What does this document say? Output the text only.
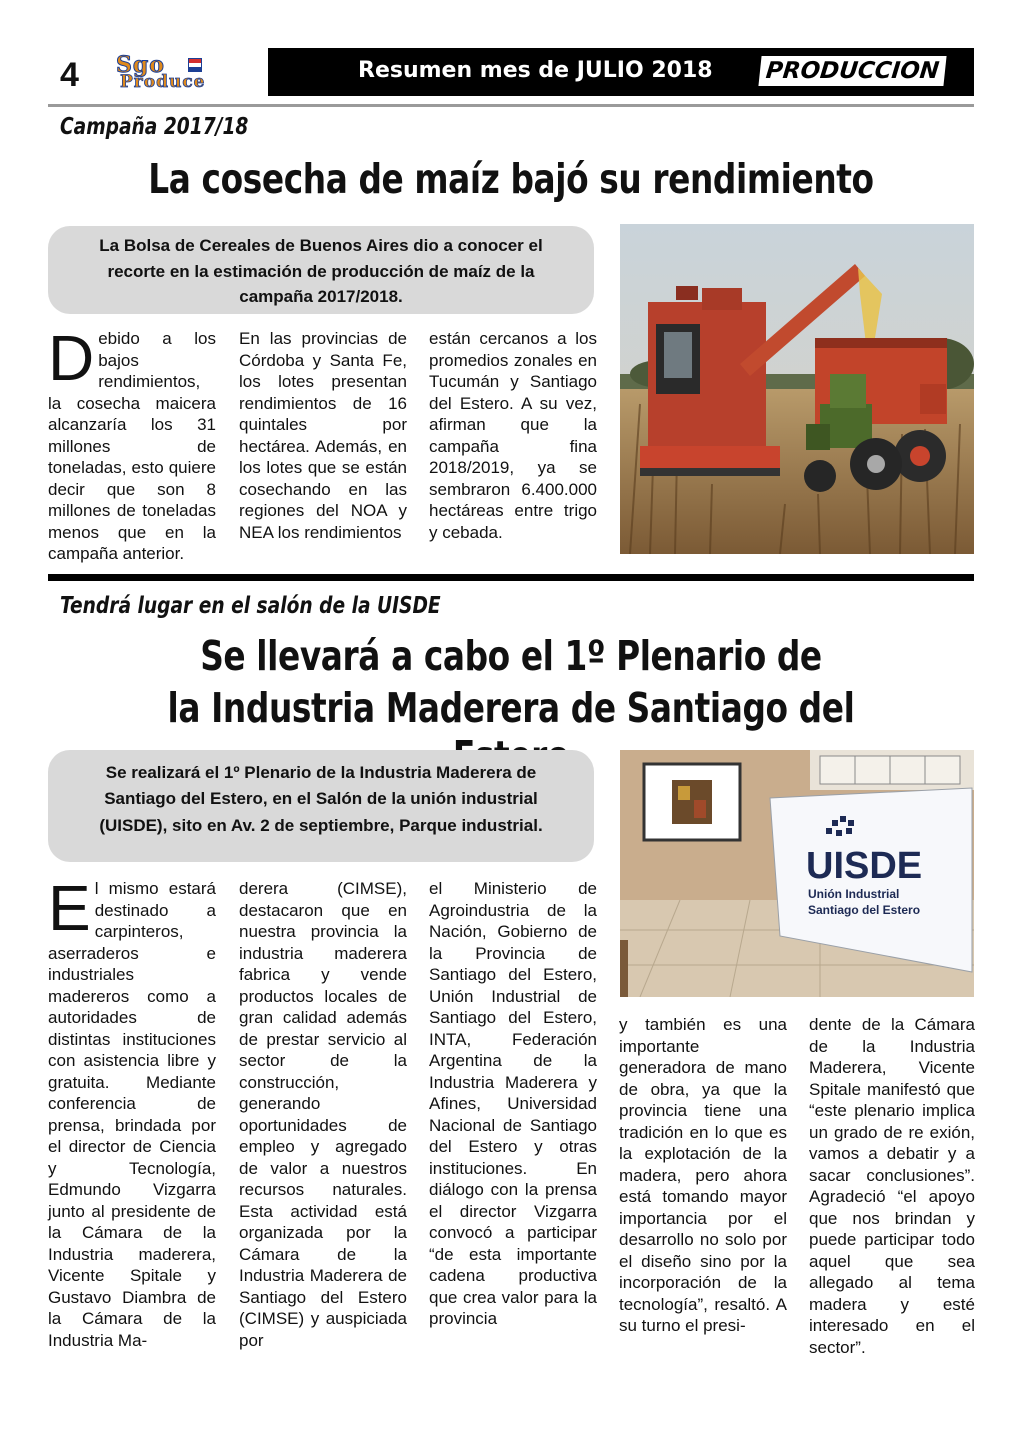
4 Sgo
Produce	Resumen mes de JULIO 2018 PRODUCCION
Campaña 2017/18
La cosecha de maíz bajó su rendimiento
La Bolsa de Cereales de Buenos Aires dio a conocer el recorte en la estimación de producción de maíz de la campaña 2017/2018.
Debido a los bajos rendimientos, la cosecha maicera alcanzaría los 31 millones de toneladas, esto quiere decir que son 8 millones de toneladas menos que en la campaña anterior.
En las provincias de Córdoba y Santa Fe, los lotes presentan rendimientos de 16 quintales por hectárea. Además, en los lotes que se están cosechando en las regiones del NOA y NEA los rendimientos
están cercanos a los promedios zonales en Tucumán y Santiago del Estero. A su vez, afirman que la campaña fina 2018/2019, ya se sembraron 6.400.000 hectáreas entre trigo y cebada.
Tendrá lugar en el salón de la UISDE
Se llevará a cabo el 1º Plenario de
la Industria Maderera de Santiago del
Se realizará el 1º Plenario de la Industria Maderera de Santiago del Estero, en el Salón de la unión industrial (UISDE), sito en Av. 2 de septiembre, Parque industrial.
El mismo estará destinado a carpinteros, aserraderos e industriales madereros como a autoridades de distintas instituciones con asistencia libre y gratuita. Mediante conferencia de prensa, brindada por el director de Ciencia y Tecnología, Edmundo Vizgarra junto al presidente de la Cámara de la Industria maderera, Vicente Spitale y Gustavo Diambra de la Cámara de la Industria Ma-
derera (CIMSE), destacaron que en nuestra provincia la industria maderera fabrica y vende productos locales de gran calidad además de prestar servicio al sector de la construcción, generando oportunidades de empleo y agregado de valor a nuestros recursos naturales. Esta actividad está organizada por la Cámara de la Industria Maderera de Santiago del Estero (CIMSE) y auspiciada por
el Ministerio de Agroindustria de la Nación, Gobierno de la Provincia de Santiago del Estero, Unión Industrial de Santiago del Estero, INTA, Federación Argentina de la Industria Maderera y Afines, Universidad Nacional de Santiago del Estero y otras instituciones. En diálogo con la prensa el director Vizgarra convocó a participar “de esta importante cadena productiva que crea valor para la provincia
y también es una importante generadora de mano de obra, ya que la provincia tiene una tradición en lo que es la explotación de la madera, pero ahora está tomando mayor importancia por el desarrollo no solo por el diseño sino por la incorporación de la tecnología”, resaltó. A su turno el presi-
dente de la Cámara de la Industria Maderera, Vicente Spitale manifestó que “este plenario implica un grado de re exión, vamos a debatir y a sacar conclusiones”. Agradeció “el apoyo que nos brindan y puede participar todo aquel que sea allegado al tema madera y esté interesado en el sector”.
UISDE
Unión Industrial
Santiago del Estero
